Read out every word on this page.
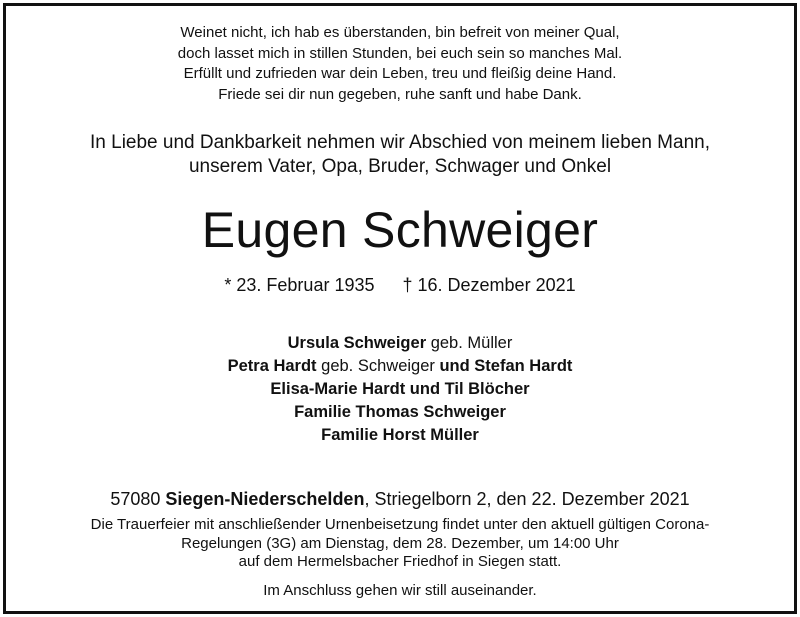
Weinet nicht, ich hab es überstanden, bin befreit von meiner Qual,
doch lasset mich in stillen Stunden, bei euch sein so manches Mal.
Erfüllt und zufrieden war dein Leben, treu und fleißig deine Hand.
Friede sei dir nun gegeben, ruhe sanft und habe Dank.
In Liebe und Dankbarkeit nehmen wir Abschied von meinem lieben Mann,
unserem Vater, Opa, Bruder, Schwager und Onkel
Eugen Schweiger
* 23. Februar 1935 † 16. Dezember 2021
Ursula Schweiger geb. Müller
Petra Hardt geb. Schweiger und Stefan Hardt
Elisa-Marie Hardt und Til Blöcher
Familie Thomas Schweiger
Familie Horst Müller
57080 Siegen-Niederschelden, Striegelborn 2, den 22. Dezember 2021
Die Trauerfeier mit anschließender Urnenbeisetzung findet unter den aktuell gültigen Corona-
Regelungen (3G) am Dienstag, dem 28. Dezember, um 14:00 Uhr
auf dem Hermelsbacher Friedhof in Siegen statt.
Im Anschluss gehen wir still auseinander.
